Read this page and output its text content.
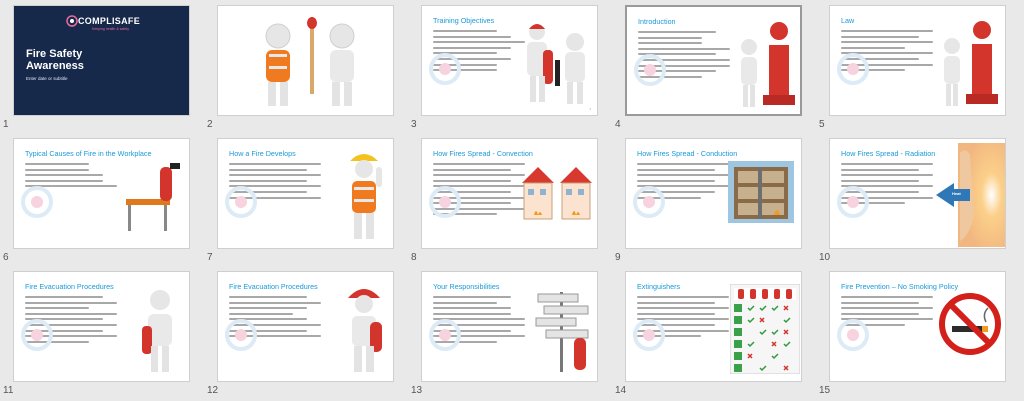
COMPLISAFE
Keeping health & safety
Fire Safety
Awareness
Enter date or subtitle
1	2
Training Objectives
3
3
Introduction
4
Law
5
Typical Causes of Fire in the Workplace
6
How a Fire Develops
7
How Fires Spread - Convection
8
How Fires Spread - Conduction
9
How Fires Spread - Radiation
Heat
10
Fire Evacuation Procedures
11
Fire Evacuation Procedures
12
Your Responsibilities
13
Extinguishers
14
Fire Prevention – No Smoking Policy
15
